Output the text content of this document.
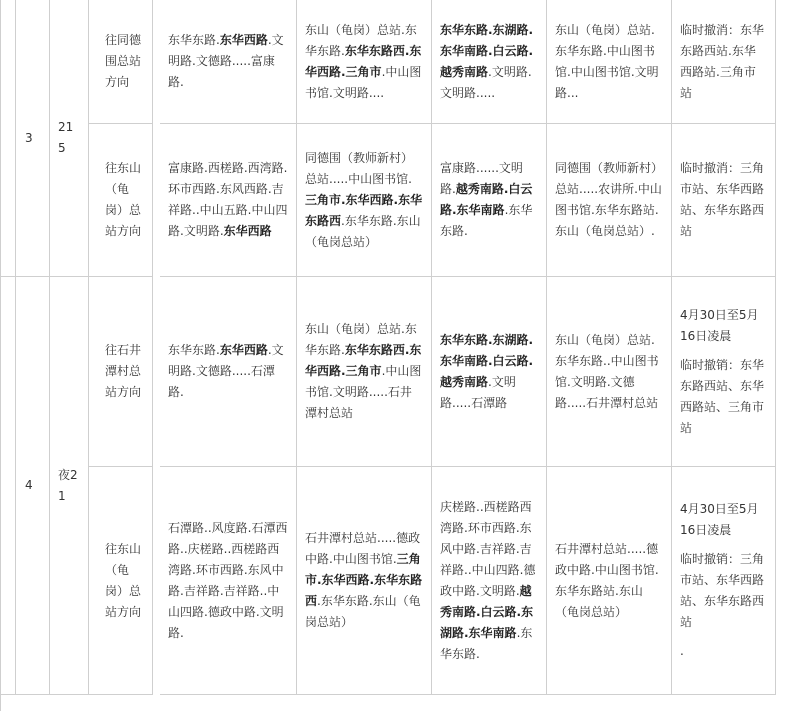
3
215
往同德围总站方向
东华东路.东华西路.文明路.文德路.....富康路.
东山（龟岗）总站.东华东路.东华东路西.东华西路.三角市.中山图书馆.文明路....
东华东路.东湖路.东华南路.白云路.越秀南路.文明路.文明路.....
东山（龟岗）总站.东华东路.中山图书馆.中山图书馆.文明路...

临时撤消：东华东路西站.东华西路站.三角市站

往东山（龟岗）总站方向
富康路.西槎路.西湾路.环市西路.东风西路.吉祥路..中山五路.中山四路.文明路.东华西路
同德围（教师新村）总站.....中山图书馆.三角市.东华西路.东华东路西.东华东路.东山（龟岗总站）
富康路......文明路.越秀南路.白云路.东华南路.东华东路.
同德围（教师新村）总站.....农讲所.中山图书馆.东华东路站.东山（龟岗总站）.

临时撤消：三角市站、东华西路站、东华东路西站

4
夜21
往石井潭村总站方向
东华东路.东华西路.文明路.文德路.....石潭路.
东山（龟岗）总站.东华东路.东华东路西.东华西路.三角市.中山图书馆.文明路.....石井潭村总站
东华东路.东湖路.东华南路.白云路.越秀南路.文明路.....石潭路
东山（龟岗）总站.东华东路..中山图书馆.文明路.文德路.....石井潭村总站

4月30日至5月16日凌晨

临时撤销：东华东路西站、东华西路站、三角市站

往东山（龟岗）总站方向
石潭路..风度路.石潭西路..庆槎路..西槎路西湾路.环市西路.东风中路.吉祥路.吉祥路..中山四路.德政中路.文明路.
石井潭村总站.....德政中路.中山图书馆.三角市.东华西路.东华东路西.东华东路.东山（龟岗总站）
庆槎路..西槎路西湾路.环市西路.东风中路.吉祥路.吉祥路..中山四路.德政中路.文明路.越秀南路.白云路.东湖路.东华南路.东华东路.
石井潭村总站.....德政中路.中山图书馆.东华东路站.东山（龟岗总站）

4月30日至5月16日凌晨

临时撤销：三角市站、东华西路站、东华东路西站

.
